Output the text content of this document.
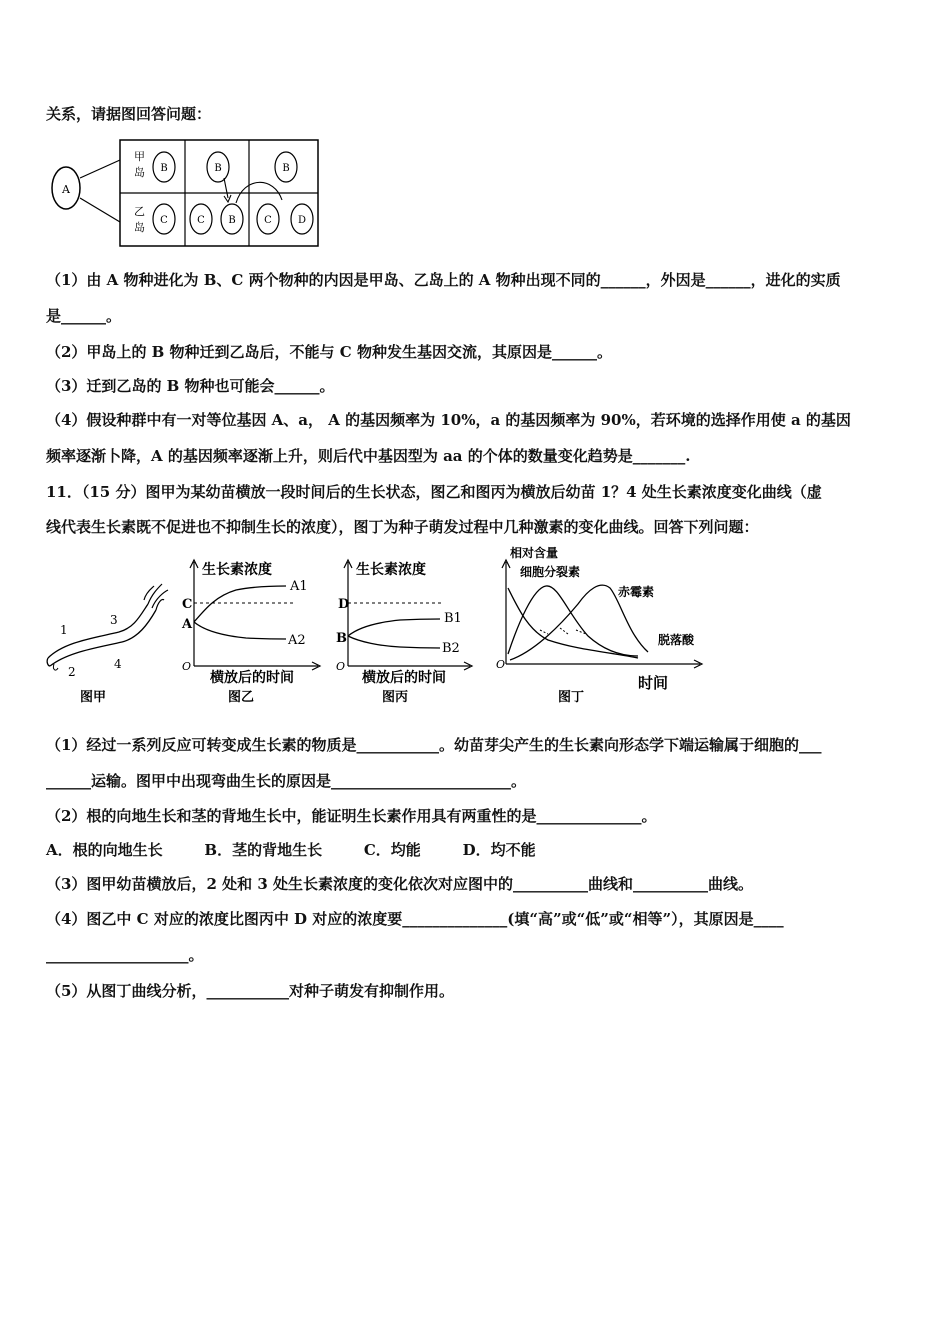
关系，请据图回答问题：
A
甲
岛
乙
岛
B	B	B
C	C B	C	D
（1）由 A 物种进化为 B、C 两个物种的内因是甲岛、乙岛上的 A 物种出现不同的______，外因是______，进化的实质
是______。
（2）甲岛上的 B 物种迁到乙岛后，不能与 C 物种发生基因交流，其原因是______。
（3）迁到乙岛的 B 物种也可能会______。
（4）假设种群中有一对等位基因 A、a， A 的基因频率为 10%，a 的基因频率为 90%，若环境的选择作用使 a 的基因
频率逐渐卜降，A 的基因频率逐渐上升，则后代中基因型为 aa 的个体的数量变化趋势是_______.
11．（15 分）图甲为某幼苗横放一段时间后的生长状态，图乙和图丙为横放后幼苗 1？4 处生长素浓度变化曲线（虚
线代表生长素既不促进也不抑制生长的浓度），图丁为种子萌发过程中几种激素的变化曲线。回答下列问题：
1
2
3
4
图甲
生长素浓度
C
A
A1
A2
O
横放后的时间
图乙
生长素浓度
D
B
B1
B2
O
横放后的时间
图丙
相对含量
细胞分裂素
赤霉素
脱落酸
O
时间
图丁
（1）经过一系列反应可转变成生长素的物质是___________。幼苗芽尖产生的生长素向形态学下端运输属于细胞的___
______运输。图甲中出现弯曲生长的原因是________________________。
（2）根的向地生长和茎的背地生长中，能证明生长素作用具有两重性的是______________。
A．根的向地生长        B．茎的背地生长        C．均能        D．均不能
（3）图甲幼苗横放后，2 处和 3 处生长素浓度的变化依次对应图中的__________曲线和__________曲线。
（4）图乙中 C 对应的浓度比图丙中 D 对应的浓度要______________(填“高”或“低”或“相等”），其原因是____
___________________。
（5）从图丁曲线分析，___________对种子萌发有抑制作用。
